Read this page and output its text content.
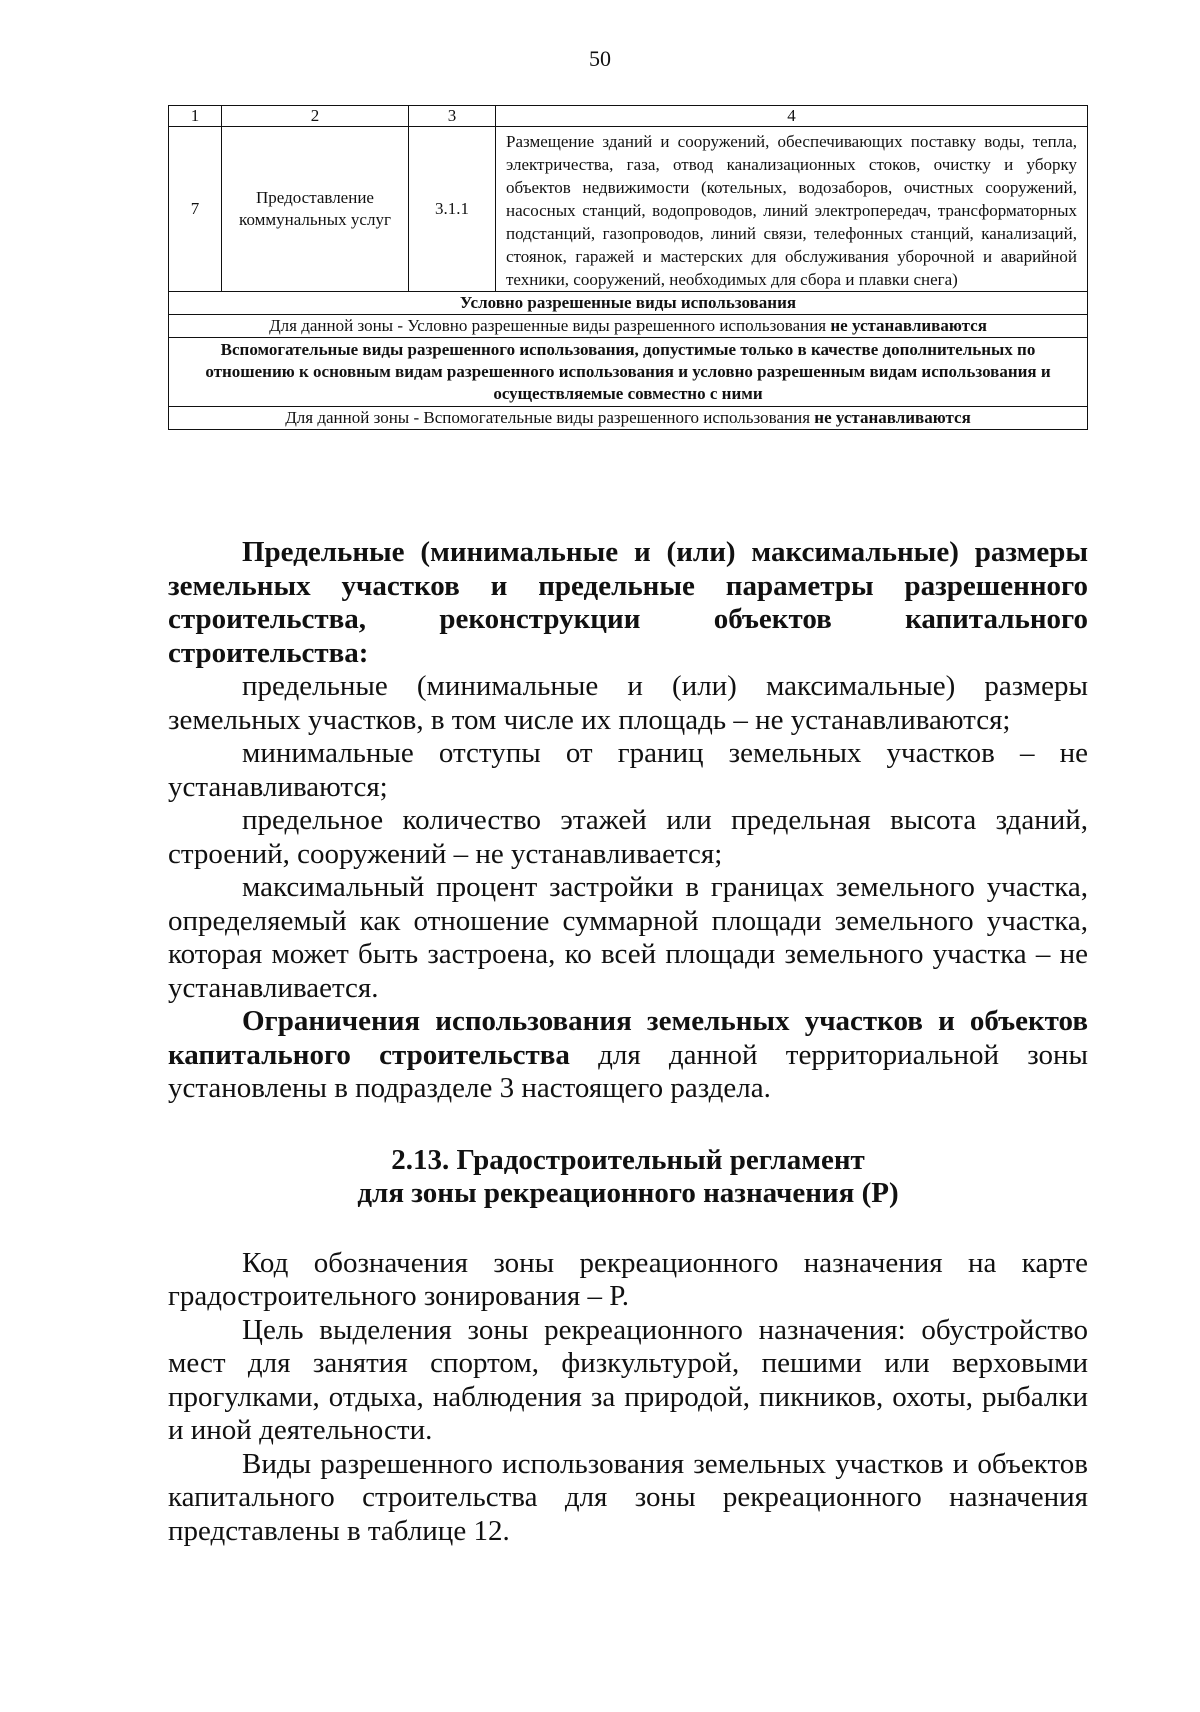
50
1	2	3	4
7	Предоставление коммунальных услуг	3.1.1	Размещение зданий и сооружений, обеспечивающих поставку воды, тепла, электричества, газа, отвод канализационных стоков, очистку и уборку объектов недвижимости (котельных, водозаборов, очистных сооружений, насосных станций, водопроводов, линий электропередач, трансформаторных подстанций, газопроводов, линий связи, телефонных станций, канализаций, стоянок, гаражей и мастерских для обслуживания уборочной и аварийной техники, сооружений, необходимых для сбора и плавки снега)
Условно разрешенные виды использования			
Для данной зоны - Условно разрешенные виды разрешенного использования не устанавливаются			
Вспомогательные виды разрешенного использования, допустимые только в качестве дополнительных по отношению к основным видам разрешенного использования и условно разрешенным видам использования и осуществляемые совместно с ними			
Для данной зоны - Вспомогательные виды разрешенного использования не устанавливаются			

Предельные (минимальные и (или) максимальные) размеры земельных участков и предельные параметры разрешенного строительства, реконструкции объектов капитального строительства:

предельные (минимальные и (или) максимальные) размеры земельных участков, в том числе их площадь – не устанавливаются;

минимальные отступы от границ земельных участков – не устанавливаются;

предельное количество этажей или предельная высота зданий, строений, сооружений – не устанавливается;

максимальный процент застройки в границах земельного участка, определяемый как отношение суммарной площади земельного участка, которая может быть застроена, ко всей площади земельного участка – не устанавливается.

Ограничения использования земельных участков и объектов капитального строительства для данной территориальной зоны установлены в подразделе 3 настоящего раздела.

2.13. Градостроительный регламент
для зоны рекреационного назначения (Р)

Код обозначения зоны рекреационного назначения на карте градостроительного зонирования – Р.

Цель выделения зоны рекреационного назначения: обустройство мест для занятия спортом, физкультурой, пешими или верховыми прогулками, отдыха, наблюдения за природой, пикников, охоты, рыбалки и иной деятельности.

Виды разрешенного использования земельных участков и объектов капитального строительства для зоны рекреационного назначения представлены в таблице 12.
